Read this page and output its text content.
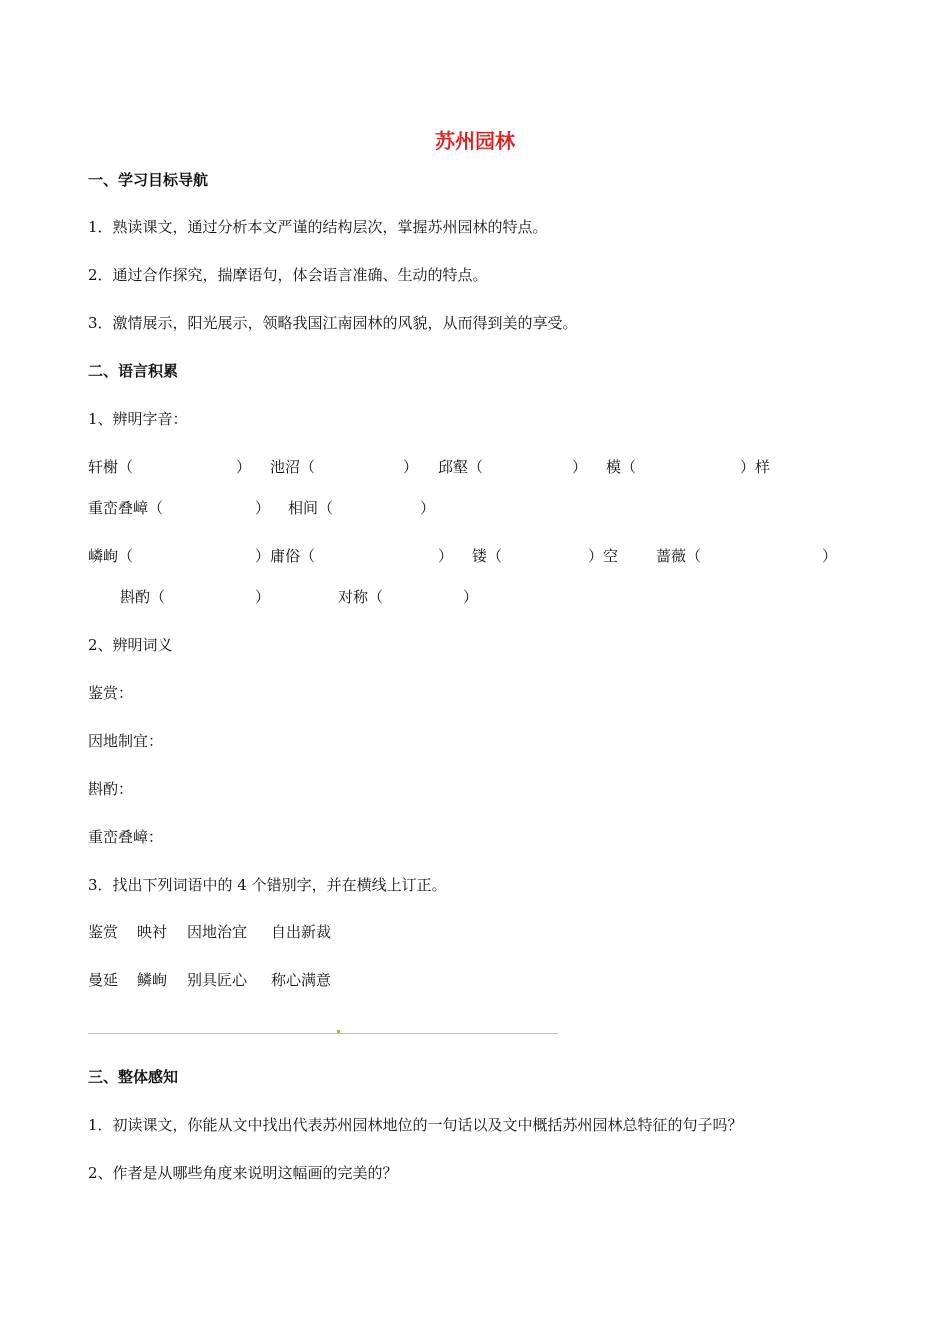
苏州园林
一、学习目标导航
1．熟读课文，通过分析本文严谨的结构层次，掌握苏州园林的特点。
2．通过合作探究，揣摩语句，体会语言准确、生动的特点。
3．激情展示，阳光展示，领略我国江南园林的风貌，从而得到美的享受。
二、语言积累
1、辨明字音：
轩榭（	） 池沼（	） 邱壑（	） 模（	）样
重峦叠嶂（	） 相间（	）
嶙峋（	）庸俗（	） 镂（	）空	蔷薇（	）
斟酌（	）	对称（	）
2、辨明词义
鉴赏：
因地制宜：
斟酌：
重峦叠嶂：
3．找出下列词语中的 4 个错别字，并在横线上订正。
鉴赏 映衬 因地治宜 自出新裁
曼延 鳞峋 别具匠心 称心满意
三、整体感知
1．初读课文，你能从文中找出代表苏州园林地位的一句话以及文中概括苏州园林总特征的句子吗？
2、作者是从哪些角度来说明这幅画的完美的？
